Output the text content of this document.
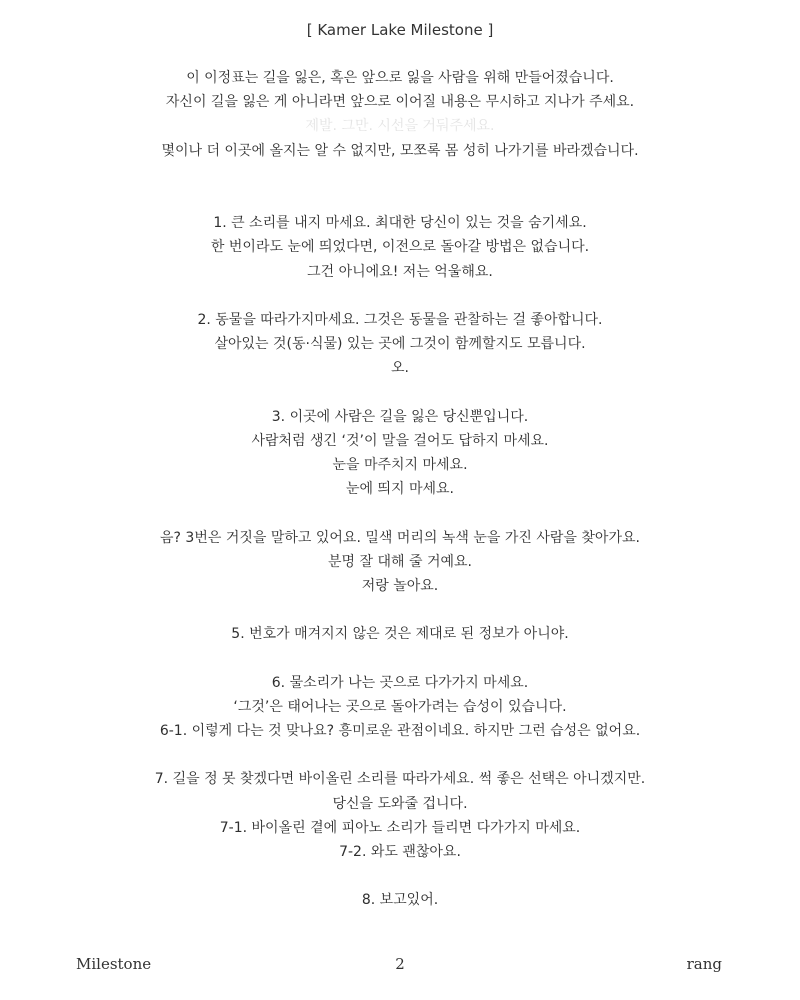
[ Kamer Lake Milestone ]
이 이정표는 길을 잃은, 혹은 앞으로 잃을 사람을 위해 만들어졌습니다.
자신이 길을 잃은 게 아니라면 앞으로 이어질 내용은 무시하고 지나가 주세요.
제발. 그만. 시선을 거둬주세요.
몇이나 더 이곳에 올지는 알 수 없지만, 모쪼록 몸 성히 나가기를 바라겠습니다.
1. 큰 소리를 내지 마세요. 최대한 당신이 있는 것을 숨기세요.
한 번이라도 눈에 띄었다면, 이전으로 돌아갈 방법은 없습니다.
그건 아니에요! 저는 억울해요.
2. 동물을 따라가지마세요. 그것은 동물을 관찰하는 걸 좋아합니다.
살아있는 것(동·식물) 있는 곳에 그것이 함께할지도 모릅니다.
오.
3. 이곳에 사람은 길을 잃은 당신뿐입니다.
사람처럼 생긴 ‘것’이 말을 걸어도 답하지 마세요.
눈을 마주치지 마세요.
눈에 띄지 마세요.
음? 3번은 거짓을 말하고 있어요. 밀색 머리의 녹색 눈을 가진 사람을 찾아가요.
분명 잘 대해 줄 거예요.
저랑 놀아요.
5. 번호가 매겨지지 않은 것은 제대로 된 정보가 아니야.
6. 물소리가 나는 곳으로 다가가지 마세요.
‘그것’은 태어나는 곳으로 돌아가려는 습성이 있습니다.
6-1. 이렇게 다는 것 맞나요? 흥미로운 관점이네요. 하지만 그런 습성은 없어요.
7. 길을 정 못 찾겠다면 바이올린 소리를 따라가세요. 썩 좋은 선택은 아니겠지만.
당신을 도와줄 겁니다.
7-1. 바이올린 곁에 피아노 소리가 들리면 다가가지 마세요.
7-2. 와도 괜찮아요.
8. 보고있어.
Milestone	2	rang
